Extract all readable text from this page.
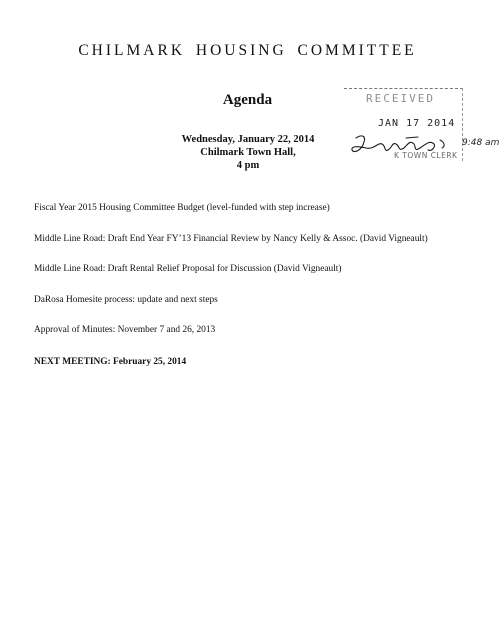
CHILMARK HOUSING COMMITTEE
Agenda
Wednesday, January 22, 2014
Chilmark Town Hall,
4 pm
RECEIVED
JAN 17 2014
9:48 am
K TOWN CLERK

Fiscal Year 2015 Housing Committee Budget (level-funded with step increase)

Middle Line Road: Draft End Year FY’13 Financial Review by Nancy Kelly & Assoc. (David Vigneault)

Middle Line Road: Draft Rental Relief Proposal for Discussion (David Vigneault)

DaRosa Homesite process: update and next steps

Approval of Minutes: November 7 and 26, 2013

NEXT MEETING: February 25, 2014
